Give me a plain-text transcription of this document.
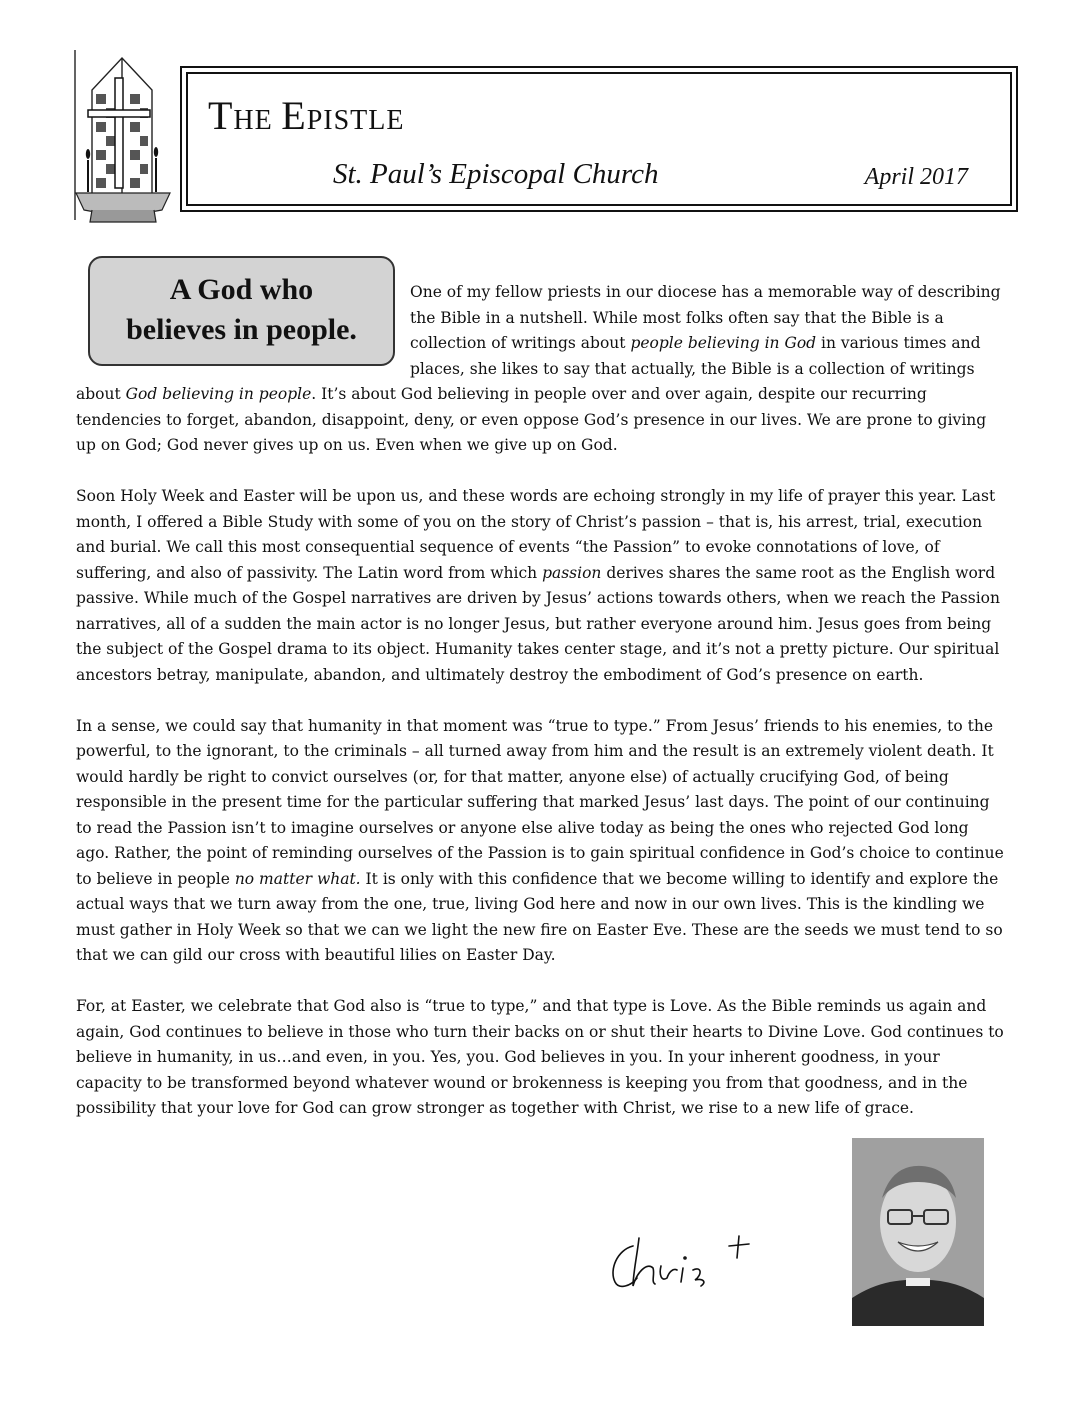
The Epistle
St. Paul’s Episcopal Church	April 2017
A God who
believes in people.

One of my fellow priests in our diocese has a memorable way of describing the Bible in a nutshell. While most folks often say that the Bible is a collection of writings about people believing in God in various times and places, she likes to say that actually, the Bible is a collection of writings about God believing in people. It’s about God believing in people over and over again, despite our recurring tendencies to forget, abandon, disappoint, deny, or even oppose God’s presence in our lives. We are prone to giving up on God; God never gives up on us. Even when we give up on God.

Soon Holy Week and Easter will be upon us, and these words are echoing strongly in my life of prayer this year. Last month, I offered a Bible Study with some of you on the story of Christ’s passion – that is, his arrest, trial, execution and burial. We call this most consequential sequence of events “the Passion” to evoke connotations of love, of suffering, and also of passivity. The Latin word from which passion derives shares the same root as the English word passive. While much of the Gospel narratives are driven by Jesus’ actions towards others, when we reach the Passion narratives, all of a sudden the main actor is no longer Jesus, but rather everyone around him. Jesus goes from being the subject of the Gospel drama to its object. Humanity takes center stage, and it’s not a pretty picture. Our spiritual ancestors betray, manipulate, abandon, and ultimately destroy the embodiment of God’s presence on earth.

In a sense, we could say that humanity in that moment was “true to type.” From Jesus’ friends to his enemies, to the powerful, to the ignorant, to the criminals – all turned away from him and the result is an extremely violent death. It would hardly be right to convict ourselves (or, for that matter, anyone else) of actually crucifying God, of being responsible in the present time for the particular suffering that marked Jesus’ last days. The point of our continuing to read the Passion isn’t to imagine ourselves or anyone else alive today as being the ones who rejected God long ago. Rather, the point of reminding ourselves of the Passion is to gain spiritual confidence in God’s choice to continue to believe in people no matter what. It is only with this confidence that we become willing to identify and explore the actual ways that we turn away from the one, true, living God here and now in our own lives. This is the kindling we must gather in Holy Week so that we can we light the new fire on Easter Eve. These are the seeds we must tend to so that we can gild our cross with beautiful lilies on Easter Day.

For, at Easter, we celebrate that God also is “true to type,” and that type is Love. As the Bible reminds us again and again, God continues to believe in those who turn their backs on or shut their hearts to Divine Love. God continues to believe in humanity, in us…and even, in you. Yes, you. God believes in you. In your inherent goodness, in your capacity to be transformed beyond whatever wound or brokenness is keeping you from that goodness, and in the possibility that your love for God can grow stronger as together with Christ, we rise to a new life of grace.
